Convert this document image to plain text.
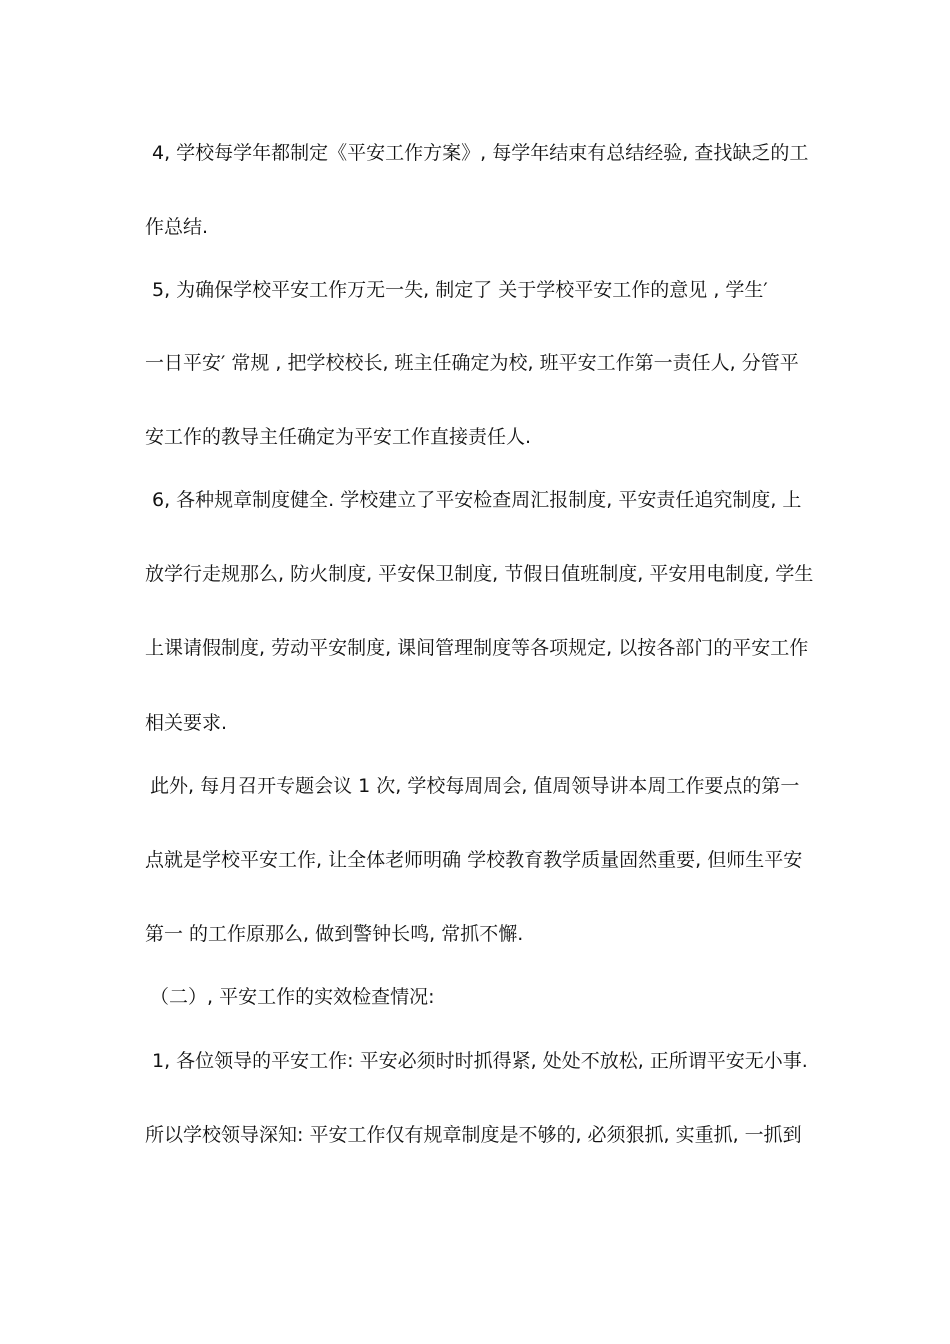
4, 学校每学年都制定《平安工作方案》, 每学年结束有总结经验, 查找缺乏的工
作总结.
5, 为确保学校平安工作万无一失, 制定了 关于学校平安工作的意见 , 学生′
一日平安′ 常规 , 把学校校长, 班主任确定为校, 班平安工作第一责任人, 分管平
安工作的教导主任确定为平安工作直接责任人.
6, 各种规章制度健全. 学校建立了平安检查周汇报制度, 平安责任追究制度, 上
放学行走规那么, 防火制度, 平安保卫制度, 节假日值班制度, 平安用电制度, 学生
上课请假制度, 劳动平安制度, 课间管理制度等各项规定, 以按各部门的平安工作
相关要求.
此外, 每月召开专题会议 1 次, 学校每周周会, 值周领导讲本周工作要点的第一
点就是学校平安工作, 让全体老师明确 学校教育教学质量固然重要, 但师生平安
第一 的工作原那么, 做到警钟长鸣, 常抓不懈.
（二）, 平安工作的实效检查情况:
1, 各位领导的平安工作: 平安必须时时抓得紧, 处处不放松, 正所谓平安无小事.
所以学校领导深知: 平安工作仅有规章制度是不够的, 必须狠抓, 实重抓, 一抓到
